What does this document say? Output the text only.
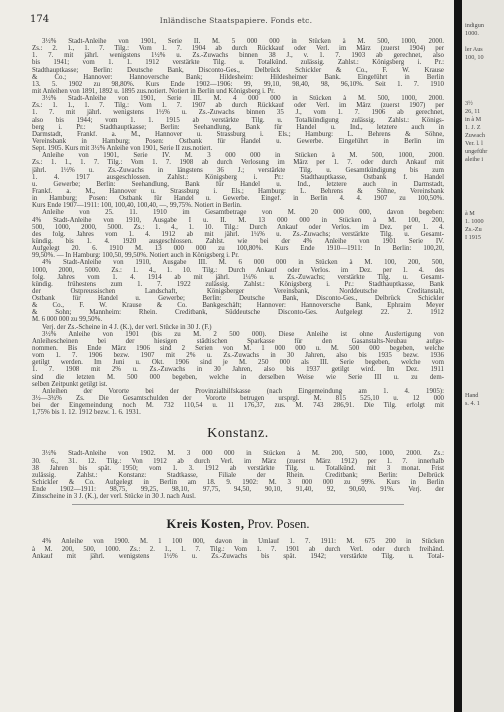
174	Inländische Staatspapiere. Fonds etc.
3½% Stadt-Anleihe von 1901, Serie II. M. 5 000 000 in Stücken à M. 500, 1000, 2000.
Zs.: 2. 1., 1. 7. Tilg.: Vom 1. 7. 1904 ab durch Rückkauf oder Verl. im März (zuerst 1904) per
1. 7. mit jährl. wenigstens 1½% u. Zs.-Zuwachs binnen 38 J., v. 1. 7. 1903 ab gerechnet, also
bis 1941; vom 1. 1. 1912 verstärkte Tilg. u. Totalkünd. zulässig. Zahlst.: Königsberg i. Pr.:
Stadthauptkasse; Berlin: Deutsche Bank, Disconto-Ges., Delbrück Schickler & Co., F. W. Krause
& Co.; Hannover: Hannoversche Bank; Hildesheim: Hildesheimer Bank. Eingeführt in Berlin
13. 5. 1902 zu 98,80%. Kurs Ende 1902—1906: 99, 99,10, 98,40, 98, 96,10%. Seit 1. 7. 1910
mit Anleihen von 1891, 1892 u. 1895 zus.notiert. Notiert in Berlin und Königsberg i. Pr.
3½% Stadt-Anleihe von 1901, Serie III. M. 4 000 000 in Stücken à M. 500, 1000, 2000.
Zs.: 1. 1., 1. 7. Tilg.: Vom 1. 7. 1907 ab durch Rückkauf oder Verl. im März (zuerst 1907) per
1. 7. mit jährl. wenigstens 1½% u. Zs.-Zuwachs binnen 35 J., vom 1. 7. 1906 ab gerechnet,
also bis 1944; vom 1. 1. 1915 ab verstärkte Tilg. u. Totalkündigung zulässig. Zahlst.: Königs-
berg i. Pr.: Stadthauptkasse; Berlin: Seehandlung, Bank für Handel u. Ind., letztere auch in
Darmstadt, Frankf. a. M., Hannover u. Strassburg i. Els.; Hamburg: L. Behrens & Söhne,
Vereinsbank in Hamburg; Posen: Ostbank für Handel u. Gewerbe. Eingeführt in Berlin im
Sept. 1905. Kurs mit 3½% Anleihe von 1901, Serie II zus.notiert.
Anleihe von 1901, Serie IV. M. 3 000 000 in Stücken à M. 500, 1000, 2000.
Zs.: 1. 1., 1. 7. Tilg.: Vom 1. 7. 1908 ab durch Verlosung im März per 1. 7. oder durch Ankauf mit
jährl. 1½% u. Zs.-Zuwachs in längstens 36 J.; verstärkte Tilg. u. Gesamtkündigung bis zum
1. 4. 1917 ausgeschlossen. Zahlst.: Königsberg i. Pr.: Stadthauptkasse, Ostbank f. Handel
u. Gewerbe; Berlin: Seehandlung, Bank für Handel u. Ind., letztere auch in Darmstadt,
Frankf. a. M., Hannover u. Strassburg i. Els.; Hamburg: L. Behrens & Söhne, Vereinsbank
in Hamburg; Posen: Ostbank für Handel u. Gewerbe. Eingef. in Berlin 4. 4. 1907 zu 100,50%.
Kurs Ende 1907—1911: 100, 100,40, 100,40, —, 99,75%. Notiert in Berlin.
Anleihe von 25. 11. 1910 im Gesamtbetrage von M. 20 000 000, davon begeben:
4% Stadt-Anleihe von 1910, Ausgabe I u. II. M. 13 000 000 in Stücken à M. 100, 200,
500, 1000, 2000, 5000. Zs.: 1. 4., 1. 10. Tilg.: Durch Ankauf oder Verlos. im Dez. per 1. 4.
des folg. Jahres vom 1. 4. 1912 ab mit jährl. 1¼% u. Zs.-Zuwachs; verstärkte Tilg. u. Gesamt-
kündig. bis 1. 4. 1920 ausgeschlossen. Zahlst. wie bei der 4% Anleihe von 1901 Serie IV.
Aufgelegt 20. 6. 1910 M. 13 000 000 zu 100,80%. Kurs Ende 1910—1911: In Berlin: 100,20,
99,50%. — In Hamburg: 100,50, 99,50%. Notiert auch in Königsberg i. Pr.
4% Stadt-Anleihe von 1910, Ausgabe III. M. 6 000 000 in Stücken à M. 100, 200, 500,
1000, 2000, 5000. Zs.: 1. 4., 1. 10. Tilg.: Durch Ankauf oder Verlos. im Dez. per 1. 4. des
folg. Jahres vom 1. 4. 1914 ab mit jährl. 1¼% u. Zs.-Zuwachs; verstärkte Tilg. u. Gesamt-
kündig. frühestens zum 1. 7. 1922 zulässig. Zahlst.: Königsberg i. Pr.: Stadthauptkasse, Bank
der Ostpreussischen Landschaft, Königsberger Vereinsbank, Norddeutsche Creditanstalt,
Ostbank für Handel u. Gewerbe; Berlin: Deutsche Bank, Disconto-Ges., Delbrück Schickler
& Co., F. W. Krause & Co. Bankgeschäft; Hannover: Hannoversche Bank, Ephraim Meyer
& Sohn; Mannheim: Rhein. Creditbank, Süddeutsche Disconto-Ges. Aufgelegt 22. 2. 1912
M. 6 000 000 zu 99,50%.
Verj. der Zs.-Scheine in 4 J. (K.), der verl. Stücke in 30 J. (F.)
3½% Anleihe von 1901 (bis zu M. 2 500 000). Diese Anleihe ist ohne Ausfertigung von
Anleihescheinen bei der hiesigen städtischen Sparkasse für den Gasanstalts-Neubau aufge-
nommen. Bis Ende März 1906 sind 2 Serien von M. 1 000 000 u. M. 500 000 begeben, welche
vom 1. 7. 1906 bezw. 1907 mit 2% u. Zs.-Zuwachs in 30 Jahren, also bis 1935 bezw. 1936
getilgt werden. Im Juni u. Okt. 1906 sind je M. 250 000 als III. Serie begeben, welche vom
1. 7. 1908 mit 2% u. Zs.-Zuwachs in 30 Jahren, also bis 1937 getilgt wird. Im Dez. 1911
sind die letzten M. 500 000 begeben, welche in derselben Weise wie Serie III u. zu dem-
selben Zeitpunkt getilgt ist.
Anleihen der Vororte bei der Provinzialhilfskasse (nach Eingemeindung am 1. 4. 1905):
3½—3¾% Zs. Die Gesamtschulden der Vororte betrugen ursprgl. M. 815 525,10 u. 12 000
bei der Eingemeindung noch M. 732 110,54 u. 11 176,37, zus. M. 743 286,91. Die Tilg. erfolgt mit
1,75% bis 1. 12. 1912 bezw. 1. 6. 1931.
Konstanz.
3½% Stadt-Anleihe von 1902. M. 3 000 000 in Stücken à M. 200, 500, 1000, 2000. Zs.:
30. 6., 31. 12. Tilg.: Von 1912 ab durch Verl. im März (zuerst März 1912) per 1. 7. innerhalb
38 Jahren bis spät. 1950; vom 1. 3. 1912 ab verstärkte Tilg. u. Totalkünd. mit 3 monat. Frist
zulässig. Zahlst.: Konstanz: Stadtkasse, Filiale der Rhein. Creditbank; Berlin: Delbrück
Schickler & Co. Aufgelegt in Berlin am 18. 9. 1902: M. 3 000 000 zu 99%. Kurs in Berlin
Ende 1902—1911: 98,75, 99,25, 98,10, 97,75, 94,50, 90,10, 91,40, 92, 90,60, 91%. Verj. der
Zinsscheine in 3 J. (K.), der verl. Stücke in 30 J. nach Ausl.
Kreis Kosten, Prov. Posen.
4% Anleihe von 1900. M. 1 100 000, davon in Umlauf 1. 7. 1911: M. 675 200 in Stücken
à M. 200, 500, 1000. Zs.: 2. 1., 1. 7. Tilg.: Vom 1. 7. 1901 ab durch Verl. oder durch freihänd.
Ankauf mit jährl. wenigstens 1½% u. Zs.-Zuwachs bis spät. 1942; verstärkte Tilg. u. Total-
indigun
1000.
ler Aus
100, 10
3½
26, 11
in à M
1. J. Z
Zuwach
Ver. l. l
ungeführ
aleihe i
à M
1. 1000
Zs.-Zu
I 1915
Hand
s. 4. 1
